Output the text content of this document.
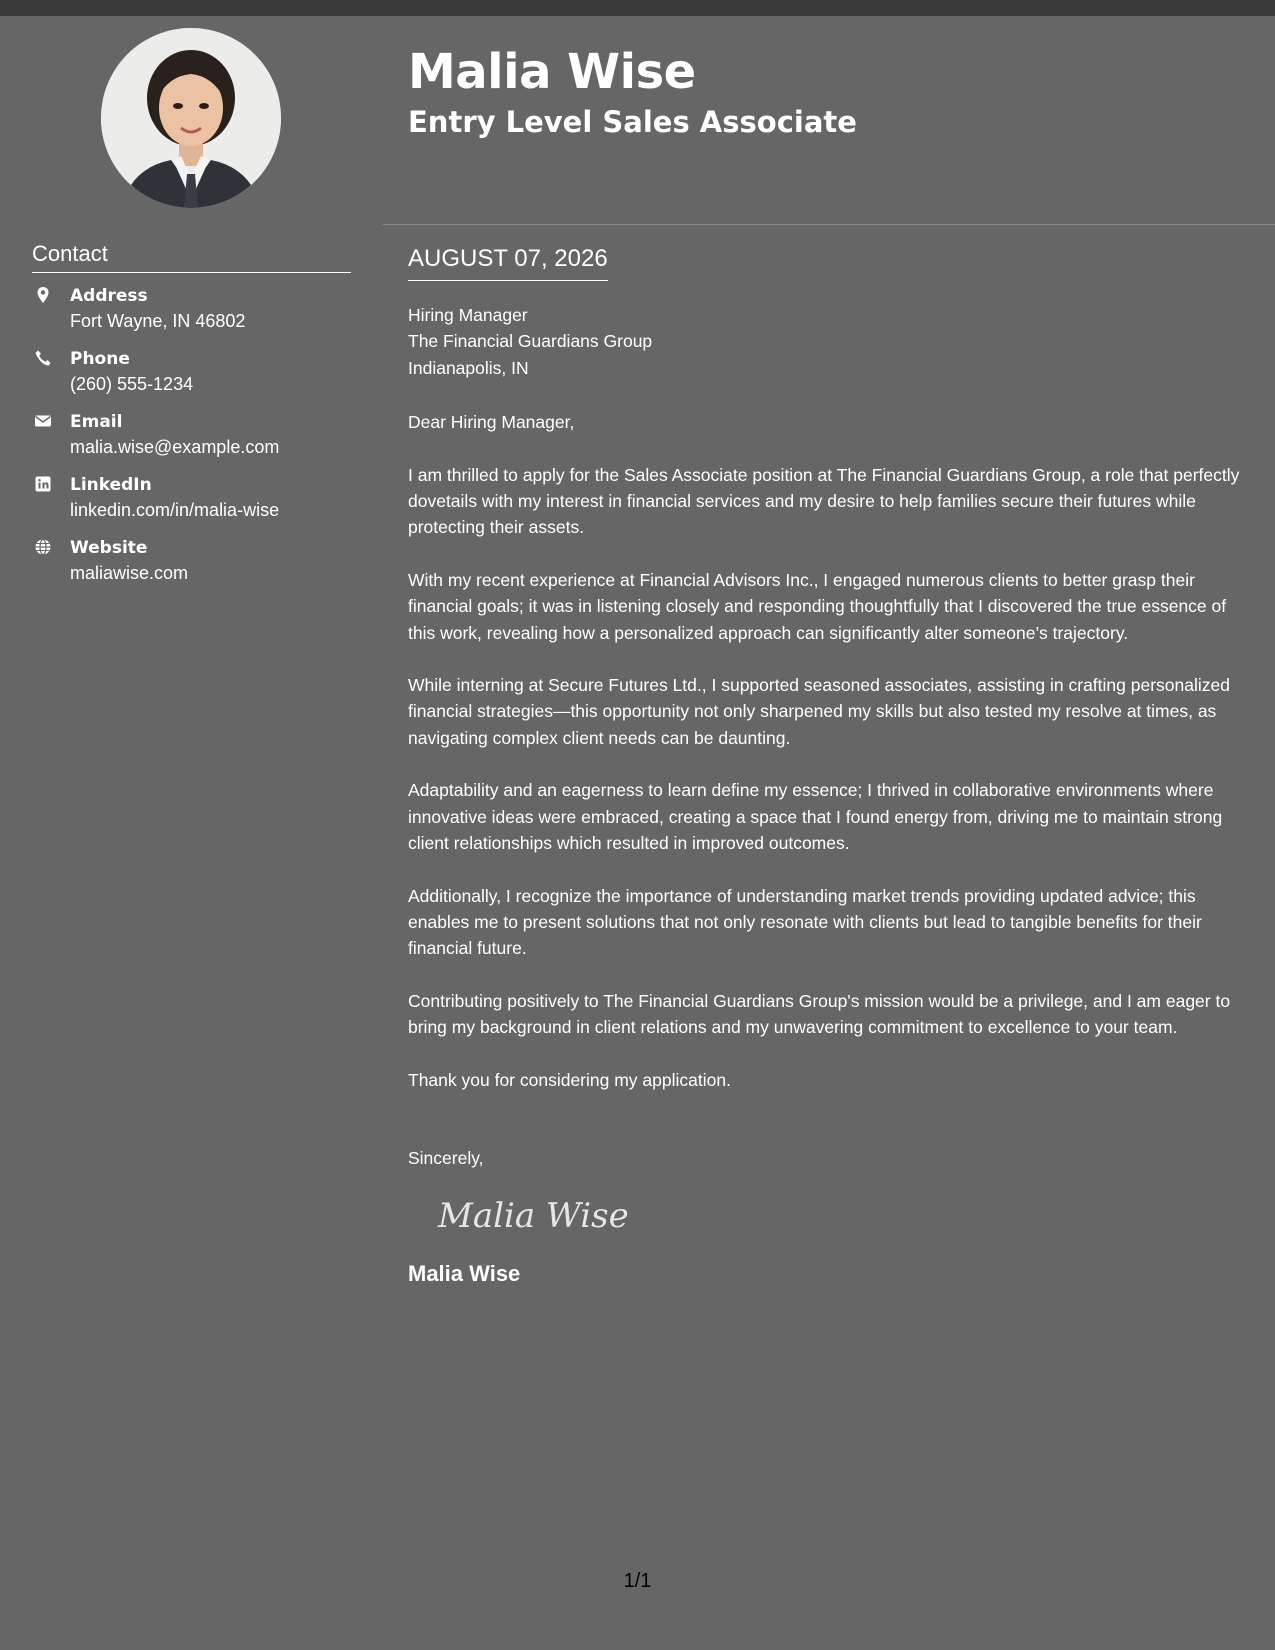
Contact
Address
Fort Wayne, IN 46802
Phone
(260) 555-1234
Email
malia.wise@example.com
LinkedIn
linkedin.com/in/malia-wise
Website
maliawise.com
Malia Wise
Entry Level Sales Associate
AUGUST 07, 2026
Hiring Manager
The Financial Guardians Group
Indianapolis, IN

Dear Hiring Manager,

I am thrilled to apply for the Sales Associate position at The Financial Guardians Group, a role that perfectly dovetails with my interest in financial services and my desire to help families secure their futures while protecting their assets.

With my recent experience at Financial Advisors Inc., I engaged numerous clients to better grasp their financial goals; it was in listening closely and responding thoughtfully that I discovered the true essence of this work, revealing how a personalized approach can significantly alter someone’s trajectory.

While interning at Secure Futures Ltd., I supported seasoned associates, assisting in crafting personalized financial strategies—this opportunity not only sharpened my skills but also tested my resolve at times, as navigating complex client needs can be daunting.

Adaptability and an eagerness to learn define my essence; I thrived in collaborative environments where innovative ideas were embraced, creating a space that I found energy from, driving me to maintain strong client relationships which resulted in improved outcomes.

Additionally, I recognize the importance of understanding market trends providing updated advice; this enables me to present solutions that not only resonate with clients but lead to tangible benefits for their financial future.

Contributing positively to The Financial Guardians Group's mission would be a privilege, and I am eager to bring my background in client relations and my unwavering commitment to excellence to your team.

Thank you for considering my application.

Sincerely,

Malia Wise
Malia Wise
1/1
